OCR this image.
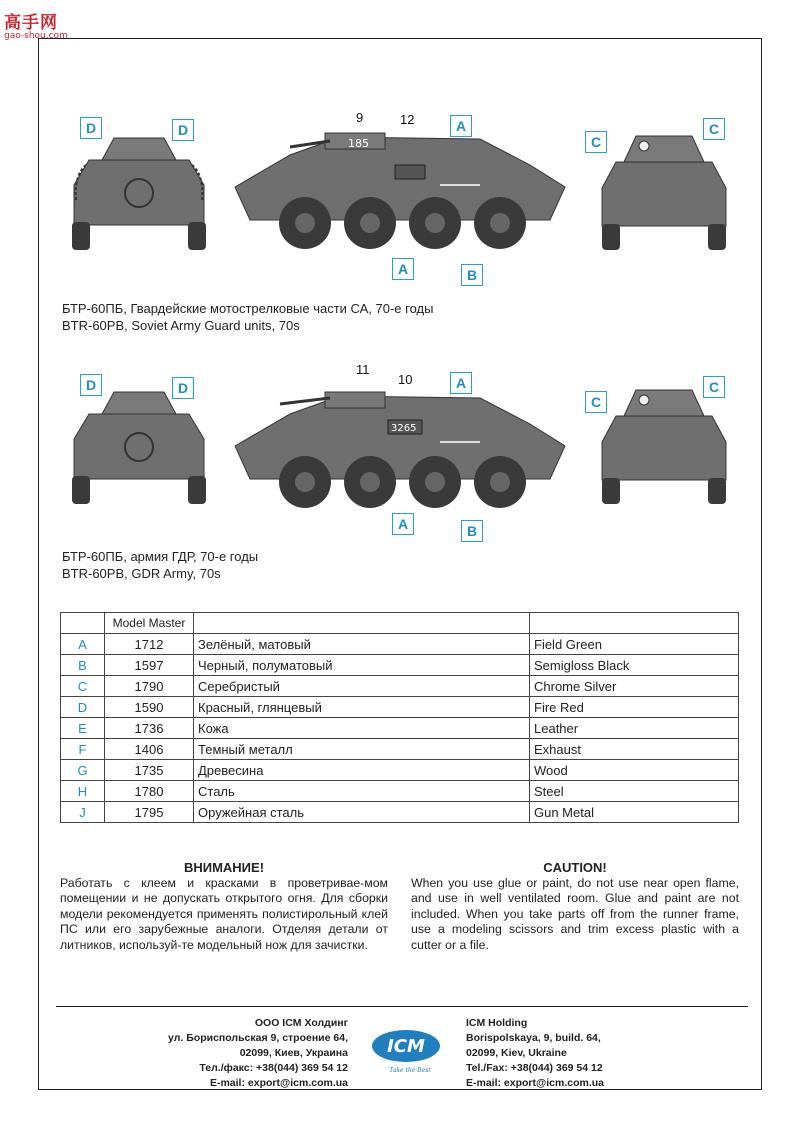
高手网
gao-shou.com
185
D	D
9	12	A
A	B
C
C
БТР-60ПБ, Гвардейские мотострелковые части СА, 70-е годы
BTR-60PB, Soviet Army Guard units, 70s
3265
D	D
11
10	A
A	B
C
C
БТР-60ПБ, армия ГДР, 70-е годы
BTR-60PB, GDR Army, 70s
	Model Master		
A	1712	Зелёный, матовый	Field Green
B	1597	Черный, полуматовый	Semigloss Black
C	1790	Серебристый	Chrome Silver
D	1590	Красный, глянцевый	Fire Red
E	1736	Кожа	Leather
F	1406	Темный металл	Exhaust
G	1735	Древесина	Wood
H	1780	Сталь	Steel
J	1795	Оружейная сталь	Gun Metal
ВНИМАНИЕ!

Работать с клеем и красками в проветривае-мом помещении и не допускать открытого огня. Для сборки модели рекомендуется применять полистирольный клей ПС или его зарубежные аналоги. Отделяя детали от литников, используй-те модельный нож для зачистки.

CAUTION!

When you use glue or paint, do not use near open flame, and use in well ventilated room. Glue and paint are not included. When you take parts off from the runner frame, use a modeling scissors and trim excess plastic with a cutter or a file.

ООО ICM Холдинг
ул. Бориспольская 9, строение 64,
02099, Киев, Украина
Тел./факс: +38(044) 369 54 12
E-mail: export@icm.com.ua
ICM
Take the Best
ICM Holding
Borispolskaya, 9, build. 64,
02099, Kiev, Ukraine
Tel./Fax: +38(044) 369 54 12
E-mail: export@icm.com.ua
